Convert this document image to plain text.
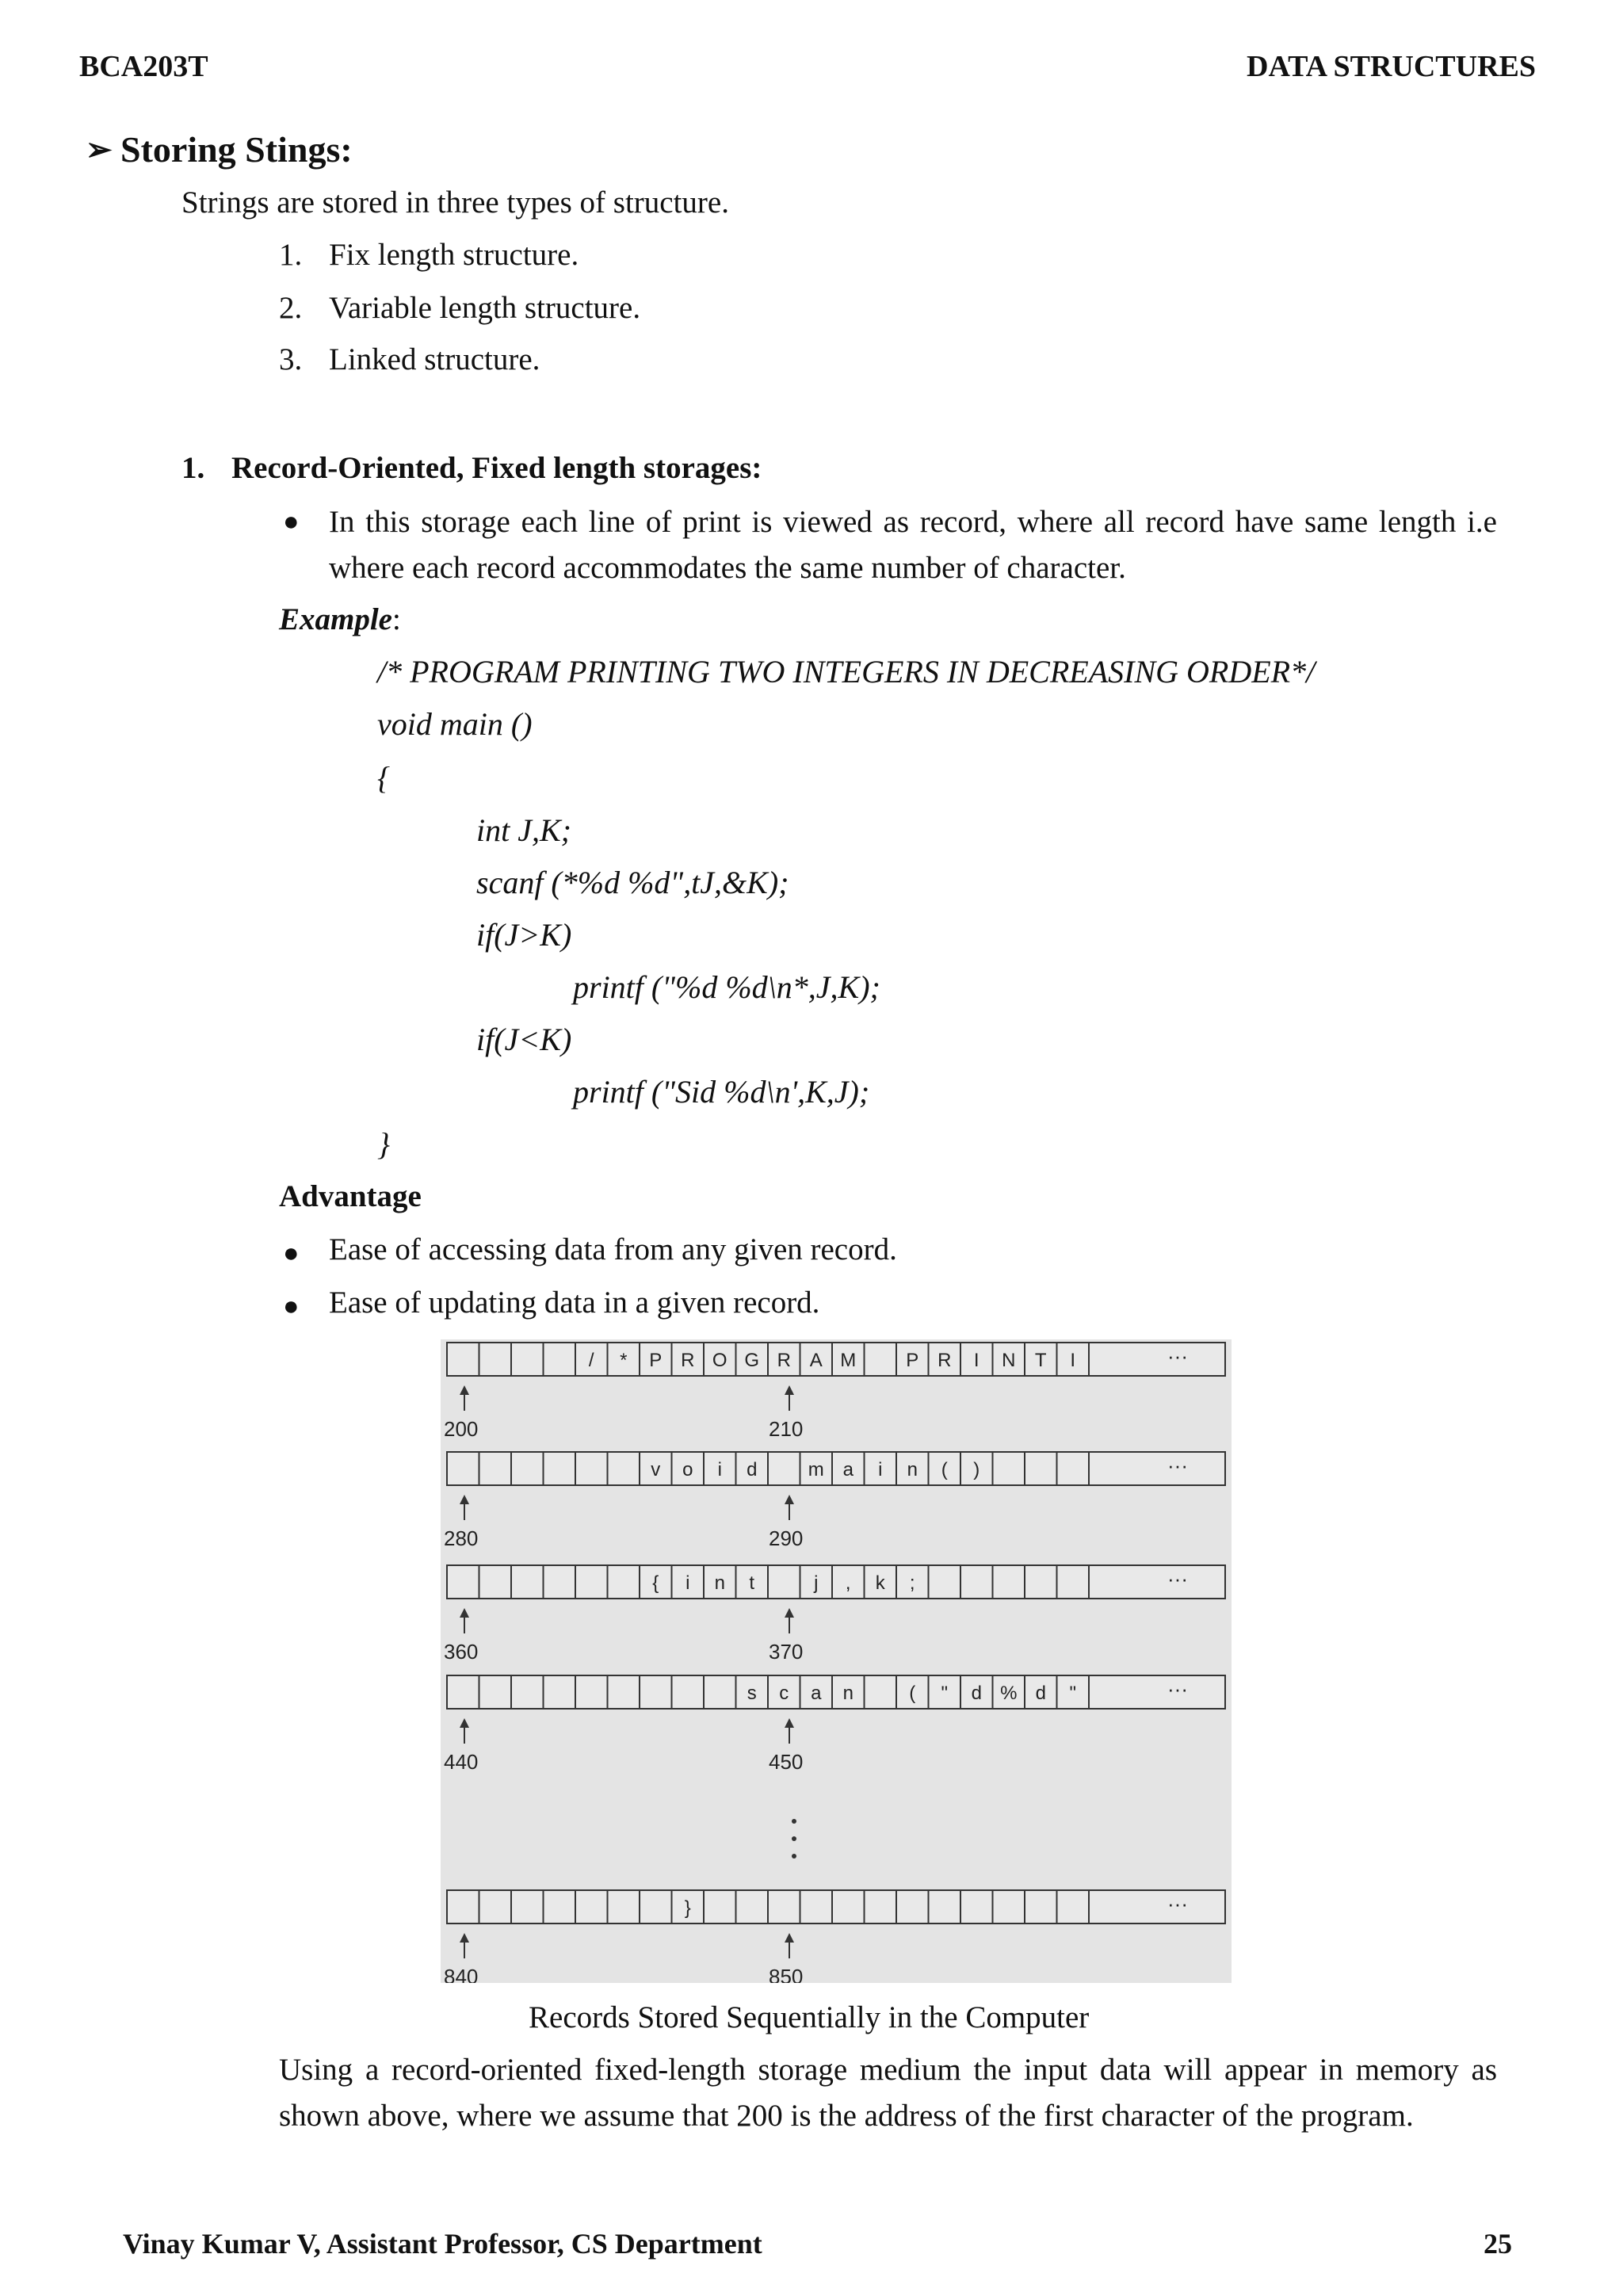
BCA203T	DATA STRUCTURES
➢ Storing Stings:
Strings are stored in three types of structure.
1. Fix length structure.
2. Variable length structure.
3. Linked structure.
1. Record-Oriented, Fixed length storages:
● In this storage each line of print is viewed as record, where all record have same length i.e where each record accommodates the same number of character.
Example:
/* PROGRAM PRINTING TWO INTEGERS IN DECREASING ORDER*/
void main ()
{
int J,K;
scanf (*%d %d",tJ,&K);
if(J>K)
printf ("%d %d\n*,J,K);
if(J<K)
printf ("Sid %d\n',K,J);
}
Advantage
● Ease of accessing data from any given record.
● Ease of updating data in a given record.
/ * P R O G R A M	P R I N T I	···
200	210
v o i d	m a i n ( )	···
280	290
{ i n t	j , k ;	···
360	370
s c a n	( " d % d "	···
440	450
}	···
840	850
Records Stored Sequentially in the Computer
Using a record-oriented fixed-length storage medium the input data will appear in memory as shown above, where we assume that 200 is the address of the first character of the program.
Vinay Kumar V, Assistant Professor, CS Department	25
